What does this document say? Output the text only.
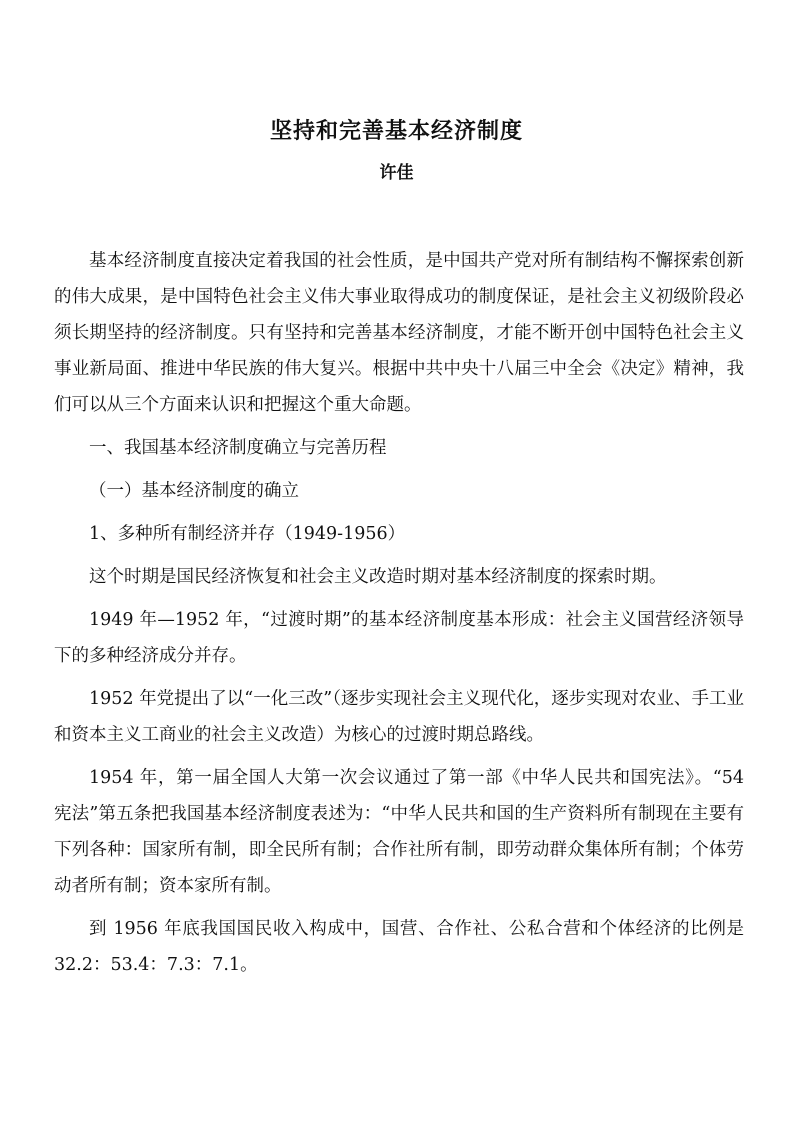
坚持和完善基本经济制度
许佳

基本经济制度直接决定着我国的社会性质，是中国共产党对所有制结构不懈探索创新的伟大成果，是中国特色社会主义伟大事业取得成功的制度保证，是社会主义初级阶段必须长期坚持的经济制度。只有坚持和完善基本经济制度，才能不断开创中国特色社会主义事业新局面、推进中华民族的伟大复兴。根据中共中央十八届三中全会《决定》精神，我们可以从三个方面来认识和把握这个重大命题。

一、我国基本经济制度确立与完善历程

（一）基本经济制度的确立

1、多种所有制经济并存（1949-1956）

这个时期是国民经济恢复和社会主义改造时期对基本经济制度的探索时期。

1949 年—1952 年，“过渡时期”的基本经济制度基本形成：社会主义国营经济领导下的多种经济成分并存。

1952 年党提出了以“一化三改”（逐步实现社会主义现代化，逐步实现对农业、手工业和资本主义工商业的社会主义改造）为核心的过渡时期总路线。

1954 年，第一届全国人大第一次会议通过了第一部《中华人民共和国宪法》。“54 宪法”第五条把我国基本经济制度表述为：“中华人民共和国的生产资料所有制现在主要有下列各种：国家所有制，即全民所有制；合作社所有制，即劳动群众集体所有制；个体劳动者所有制；资本家所有制。

到 1956 年底我国国民收入构成中，国营、合作社、公私合营和个体经济的比例是 32.2：53.4：7.3：7.1。
